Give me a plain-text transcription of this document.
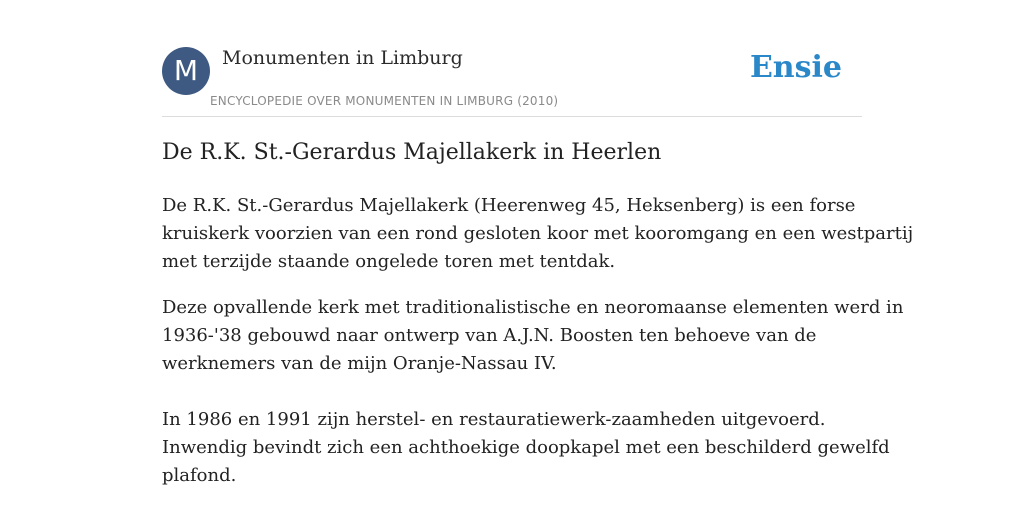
M	Monumenten in Limburg
ENCYCLOPEDIE OVER MONUMENTEN IN LIMBURG (2010)
Ensie
De R.K. St.-Gerardus Majellakerk in Heerlen

De R.K. St.-Gerardus Majellakerk (Heerenweg 45, Heksenberg) is een forse
kruiskerk voorzien van een rond gesloten koor met kooromgang en een westpartij
met terzijde staande ongelede toren met tentdak.

Deze opvallende kerk met traditionalistische en neoromaanse elementen werd in
1936-'38 gebouwd naar ontwerp van A.J.N. Boosten ten behoeve van de
werknemers van de mijn Oranje-Nassau IV.
In 1986 en 1991 zijn herstel- en restauratiewerk-zaamheden uitgevoerd.
Inwendig bevindt zich een achthoekige doopkapel met een beschilderd gewelfd
plafond.
